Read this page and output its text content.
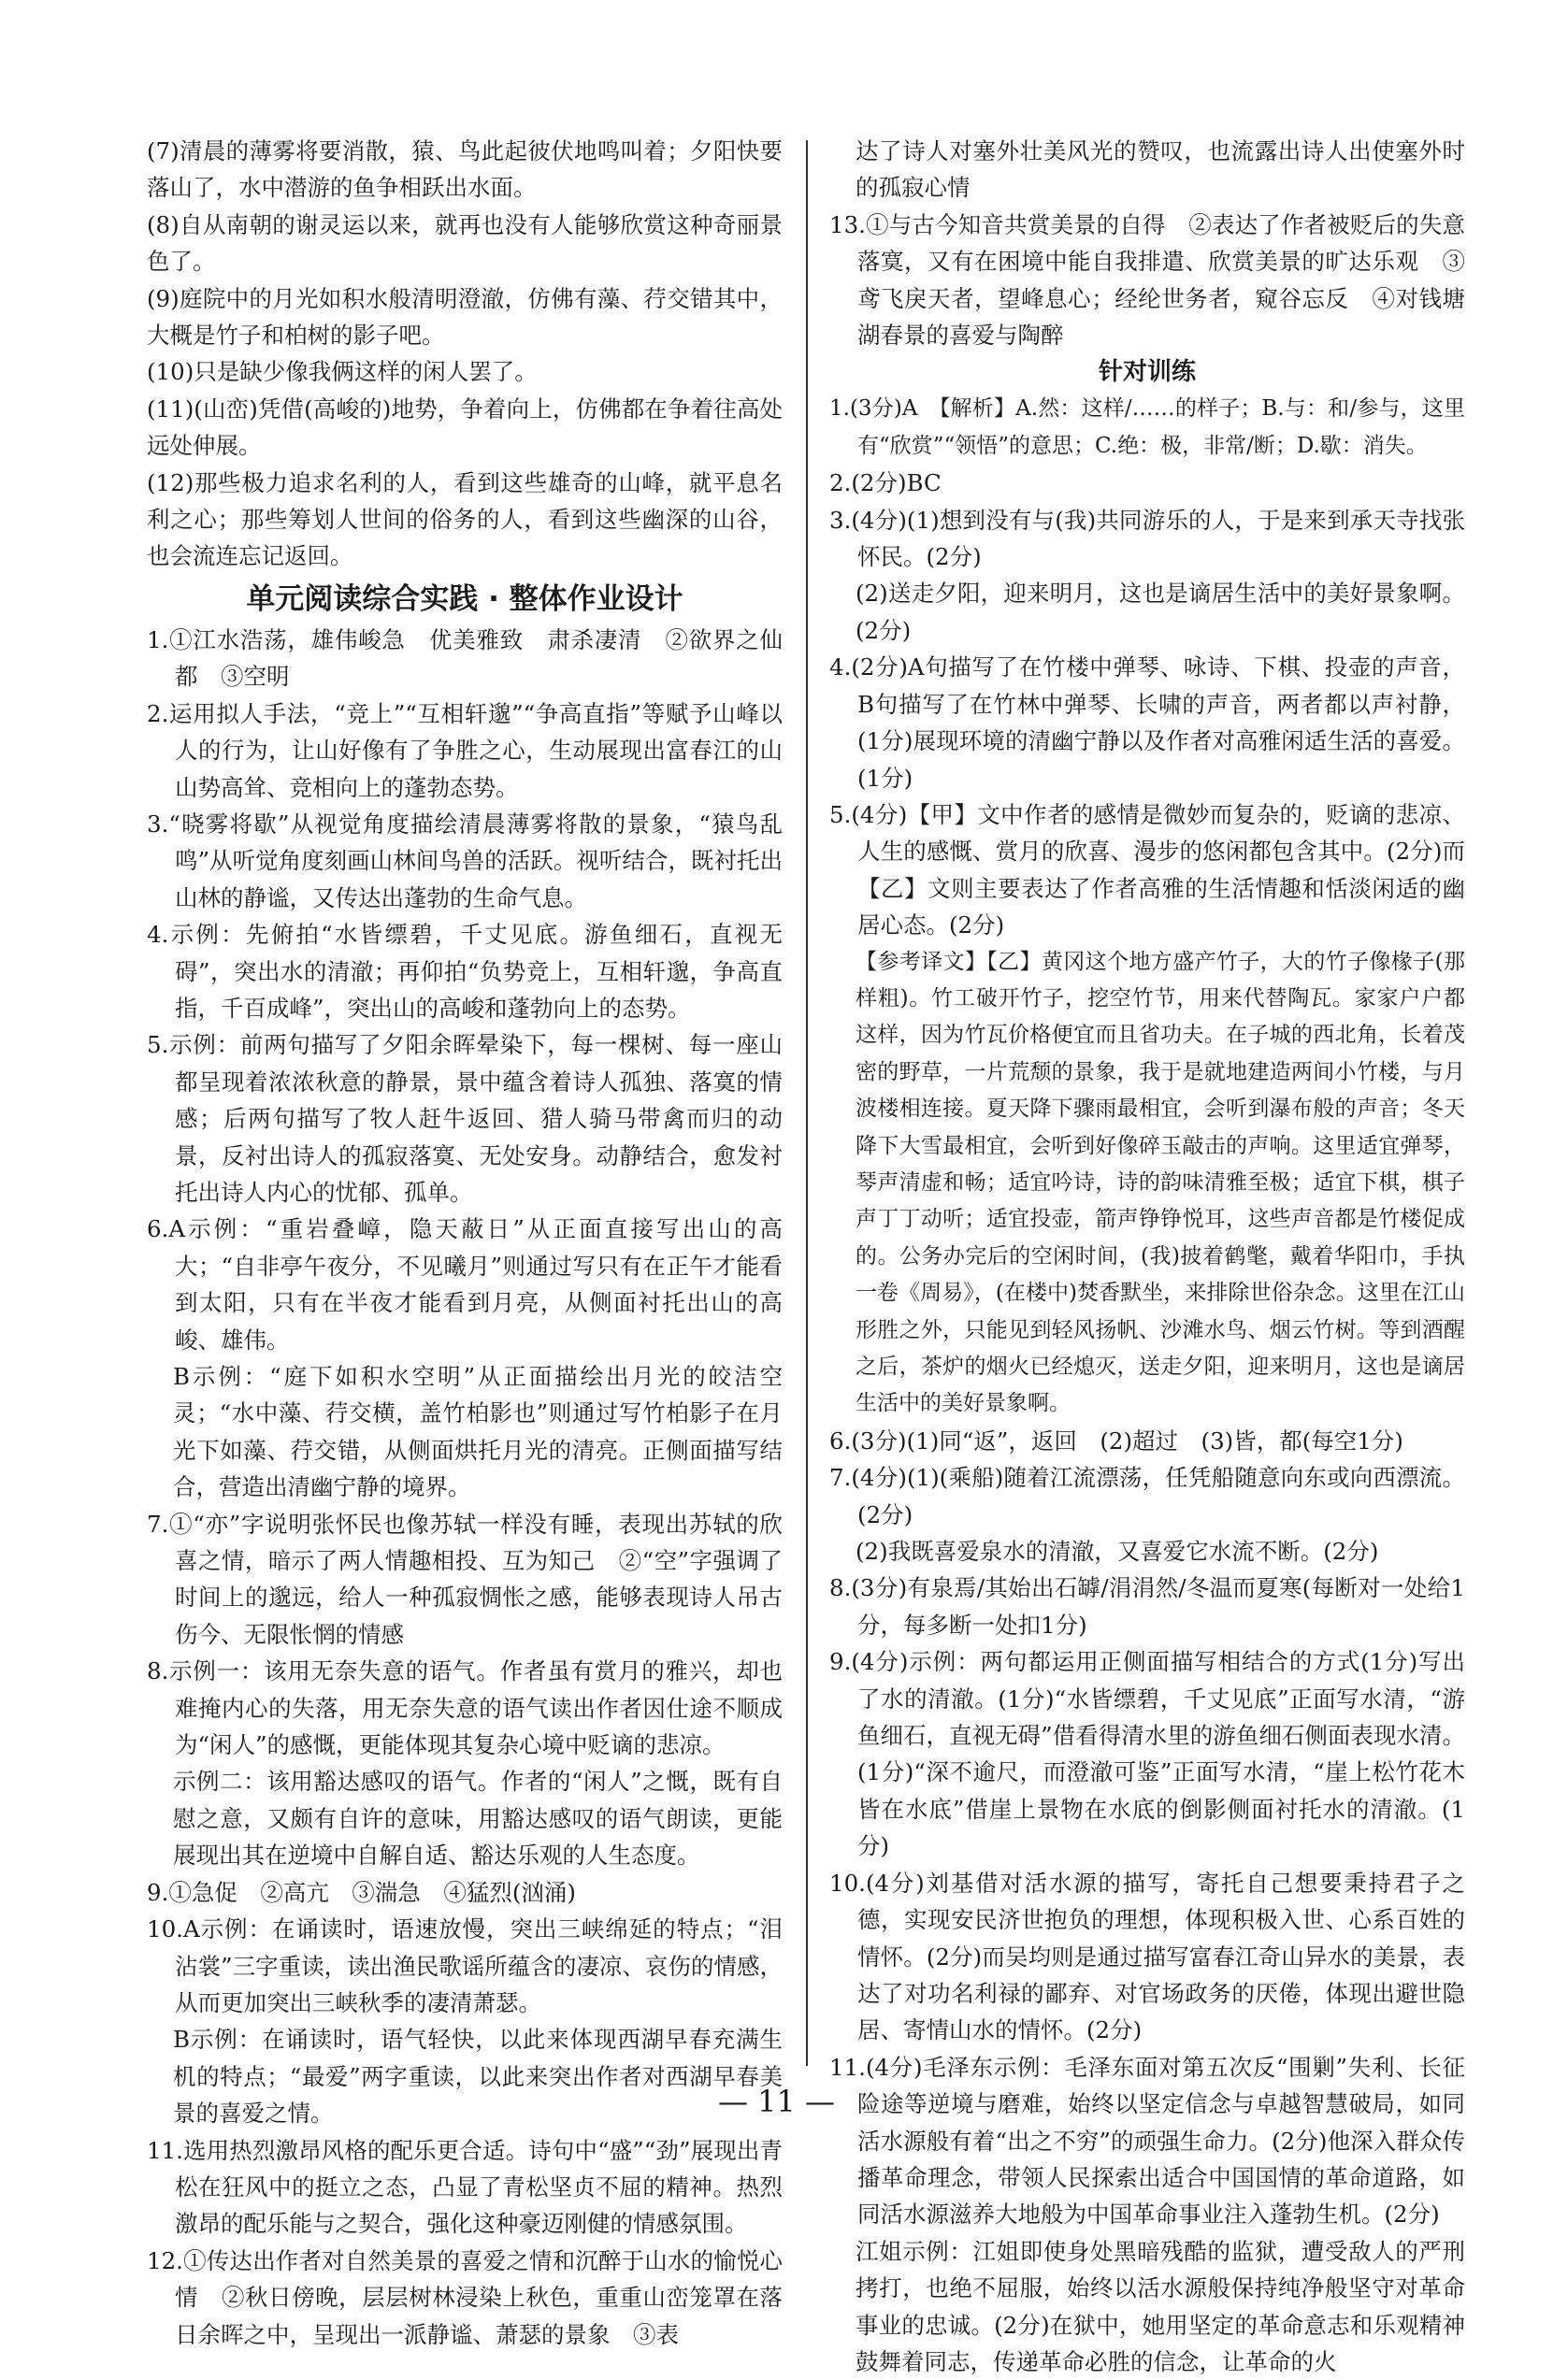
(7)清晨的薄雾将要消散，猿、鸟此起彼伏地鸣叫着；夕阳快要落山了，水中潜游的鱼争相跃出水面。

(8)自从南朝的谢灵运以来，就再也没有人能够欣赏这种奇丽景色了。

(9)庭院中的月光如积水般清明澄澈，仿佛有藻、荇交错其中，大概是竹子和柏树的影子吧。

(10)只是缺少像我俩这样的闲人罢了。

(11)(山峦)凭借(高峻的)地势，争着向上，仿佛都在争着往高处远处伸展。

(12)那些极力追求名利的人，看到这些雄奇的山峰，就平息名利之心；那些筹划人世间的俗务的人，看到这些幽深的山谷，也会流连忘记返回。

单元阅读综合实践 · 整体作业设计

1.①江水浩荡，雄伟峻急　优美雅致　肃杀凄清　②欲界之仙都　③空明

2.运用拟人手法，“竞上”“互相轩邈”“争高直指”等赋予山峰以人的行为，让山好像有了争胜之心，生动展现出富春江的山山势高耸、竞相向上的蓬勃态势。

3.“晓雾将歇”从视觉角度描绘清晨薄雾将散的景象，“猿鸟乱鸣”从听觉角度刻画山林间鸟兽的活跃。视听结合，既衬托出山林的静谧，又传达出蓬勃的生命气息。

4.示例：先俯拍“水皆缥碧，千丈见底。游鱼细石，直视无碍”，突出水的清澈；再仰拍“负势竞上，互相轩邈，争高直指，千百成峰”，突出山的高峻和蓬勃向上的态势。

5.示例：前两句描写了夕阳余晖晕染下，每一棵树、每一座山都呈现着浓浓秋意的静景，景中蕴含着诗人孤独、落寞的情感；后两句描写了牧人赶牛返回、猎人骑马带禽而归的动景，反衬出诗人的孤寂落寞、无处安身。动静结合，愈发衬托出诗人内心的忧郁、孤单。

6.A示例：“重岩叠嶂，隐天蔽日”从正面直接写出山的高大；“自非亭午夜分，不见曦月”则通过写只有在正午才能看到太阳，只有在半夜才能看到月亮，从侧面衬托出山的高峻、雄伟。

B示例：“庭下如积水空明”从正面描绘出月光的皎洁空灵；“水中藻、荇交横，盖竹柏影也”则通过写竹柏影子在月光下如藻、荇交错，从侧面烘托月光的清亮。正侧面描写结合，营造出清幽宁静的境界。

7.①“亦”字说明张怀民也像苏轼一样没有睡，表现出苏轼的欣喜之情，暗示了两人情趣相投、互为知己　②“空”字强调了时间上的邈远，给人一种孤寂惆怅之感，能够表现诗人吊古伤今、无限怅惘的情感

8.示例一：该用无奈失意的语气。作者虽有赏月的雅兴，却也难掩内心的失落，用无奈失意的语气读出作者因仕途不顺成为“闲人”的感慨，更能体现其复杂心境中贬谪的悲凉。

示例二：该用豁达感叹的语气。作者的“闲人”之慨，既有自慰之意，又颇有自许的意味，用豁达感叹的语气朗读，更能展现出其在逆境中自解自适、豁达乐观的人生态度。

9.①急促　②高亢　③湍急　④猛烈(汹涌)

10.A示例：在诵读时，语速放慢，突出三峡绵延的特点；“泪沾裳”三字重读，读出渔民歌谣所蕴含的凄凉、哀伤的情感，从而更加突出三峡秋季的凄清萧瑟。

B示例：在诵读时，语气轻快，以此来体现西湖早春充满生机的特点；“最爱”两字重读，以此来突出作者对西湖早春美景的喜爱之情。

11.选用热烈激昂风格的配乐更合适。诗句中“盛”“劲”展现出青松在狂风中的挺立之态，凸显了青松坚贞不屈的精神。热烈激昂的配乐能与之契合，强化这种豪迈刚健的情感氛围。

12.①传达出作者对自然美景的喜爱之情和沉醉于山水的愉悦心情　②秋日傍晚，层层树林浸染上秋色，重重山峦笼罩在落日余晖之中，呈现出一派静谧、萧瑟的景象　③表

达了诗人对塞外壮美风光的赞叹，也流露出诗人出使塞外时的孤寂心情

13.①与古今知音共赏美景的自得　②表达了作者被贬后的失意落寞，又有在困境中能自我排遣、欣赏美景的旷达乐观　③鸢飞戾天者，望峰息心；经纶世务者，窥谷忘反　④对钱塘湖春景的喜爱与陶醉

针对训练

1.(3分)A　【解析】A.然：这样/……的样子；B.与：和/参与，这里有“欣赏”“领悟”的意思；C.绝：极，非常/断；D.歇：消失。

2.(2分)BC

3.(4分)(1)想到没有与(我)共同游乐的人，于是来到承天寺找张怀民。(2分)

(2)送走夕阳，迎来明月，这也是谪居生活中的美好景象啊。(2分)

4.(2分)A句描写了在竹楼中弹琴、咏诗、下棋、投壶的声音，B句描写了在竹林中弹琴、长啸的声音，两者都以声衬静，(1分)展现环境的清幽宁静以及作者对高雅闲适生活的喜爱。(1分)

5.(4分)【甲】文中作者的感情是微妙而复杂的，贬谪的悲凉、人生的感慨、赏月的欣喜、漫步的悠闲都包含其中。(2分)而【乙】文则主要表达了作者高雅的生活情趣和恬淡闲适的幽居心态。(2分)

【参考译文】【乙】黄冈这个地方盛产竹子，大的竹子像椽子(那样粗)。竹工破开竹子，挖空竹节，用来代替陶瓦。家家户户都这样，因为竹瓦价格便宜而且省功夫。在子城的西北角，长着茂密的野草，一片荒颓的景象，我于是就地建造两间小竹楼，与月波楼相连接。夏天降下骤雨最相宜，会听到瀑布般的声音；冬天降下大雪最相宜，会听到好像碎玉敲击的声响。这里适宜弹琴，琴声清虚和畅；适宜吟诗，诗的韵味清雅至极；适宜下棋，棋子声丁丁动听；适宜投壶，箭声铮铮悦耳，这些声音都是竹楼促成的。公务办完后的空闲时间，(我)披着鹤氅，戴着华阳巾，手执一卷《周易》，(在楼中)焚香默坐，来排除世俗杂念。这里在江山形胜之外，只能见到轻风扬帆、沙滩水鸟、烟云竹树。等到酒醒之后，茶炉的烟火已经熄灭，送走夕阳，迎来明月，这也是谪居生活中的美好景象啊。

6.(3分)(1)同“返”，返回　(2)超过　(3)皆，都(每空1分)

7.(4分)(1)(乘船)随着江流漂荡，任凭船随意向东或向西漂流。(2分)

(2)我既喜爱泉水的清澈，又喜爱它水流不断。(2分)

8.(3分)有泉焉/其始出石罅/涓涓然/冬温而夏寒(每断对一处给1分，每多断一处扣1分)

9.(4分)示例：两句都运用正侧面描写相结合的方式(1分)写出了水的清澈。(1分)“水皆缥碧，千丈见底”正面写水清，“游鱼细石，直视无碍”借看得清水里的游鱼细石侧面表现水清。(1分)“深不逾尺，而澄澈可鉴”正面写水清，“崖上松竹花木皆在水底”借崖上景物在水底的倒影侧面衬托水的清澈。(1分)

10.(4分)刘基借对活水源的描写，寄托自己想要秉持君子之德，实现安民济世抱负的理想，体现积极入世、心系百姓的情怀。(2分)而吴均则是通过描写富春江奇山异水的美景，表达了对功名利禄的鄙弃、对官场政务的厌倦，体现出避世隐居、寄情山水的情怀。(2分)

11.(4分)毛泽东示例：毛泽东面对第五次反“围剿”失利、长征险途等逆境与磨难，始终以坚定信念与卓越智慧破局，如同活水源般有着“出之不穷”的顽强生命力。(2分)他深入群众传播革命理念，带领人民探索出适合中国国情的革命道路，如同活水源滋养大地般为中国革命事业注入蓬勃生机。(2分)

江姐示例：江姐即使身处黑暗残酷的监狱，遭受敌人的严刑拷打，也绝不屈服，始终以活水源般保持纯净般坚守对革命事业的忠诚。(2分)在狱中，她用坚定的革命意志和乐观精神鼓舞着同志，传递革命必胜的信念，让革命的火

— 11 —
